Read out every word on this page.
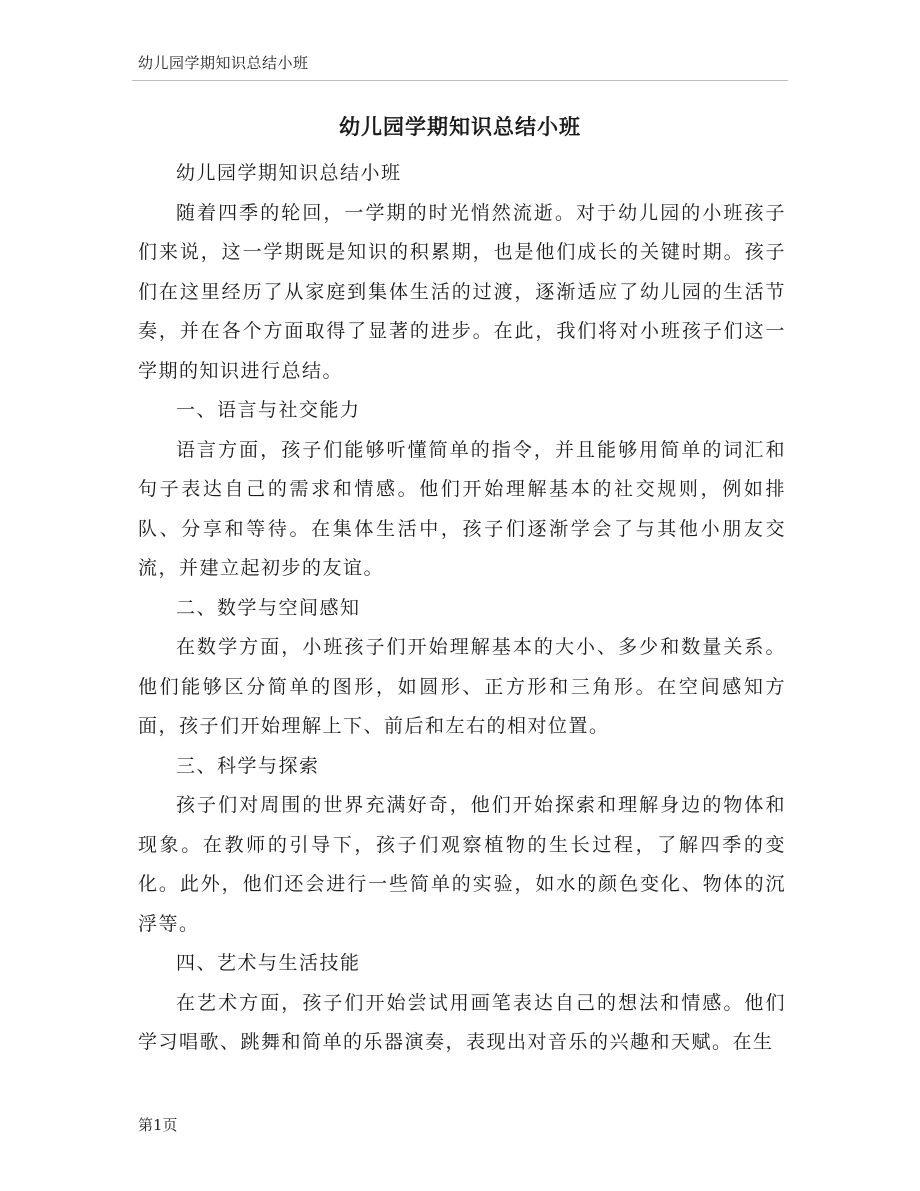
幼儿园学期知识总结小班
幼儿园学期知识总结小班

幼儿园学期知识总结小班

随着四季的轮回，一学期的时光悄然流逝。对于幼儿园的小班孩子们来说，这一学期既是知识的积累期，也是他们成长的关键时期。孩子们在这里经历了从家庭到集体生活的过渡，逐渐适应了幼儿园的生活节奏，并在各个方面取得了显著的进步。在此，我们将对小班孩子们这一学期的知识进行总结。

一、语言与社交能力

语言方面，孩子们能够听懂简单的指令，并且能够用简单的词汇和句子表达自己的需求和情感。他们开始理解基本的社交规则，例如排队、分享和等待。在集体生活中，孩子们逐渐学会了与其他小朋友交流，并建立起初步的友谊。

二、数学与空间感知

在数学方面，小班孩子们开始理解基本的大小、多少和数量关系。他们能够区分简单的图形，如圆形、正方形和三角形。在空间感知方面，孩子们开始理解上下、前后和左右的相对位置。

三、科学与探索

孩子们对周围的世界充满好奇，他们开始探索和理解身边的物体和现象。在教师的引导下，孩子们观察植物的生长过程，了解四季的变化。此外，他们还会进行一些简单的实验，如水的颜色变化、物体的沉浮等。

四、艺术与生活技能

在艺术方面，孩子们开始尝试用画笔表达自己的想法和情感。他们学习唱歌、跳舞和简单的乐器演奏，表现出对音乐的兴趣和天赋。在生

第1页
